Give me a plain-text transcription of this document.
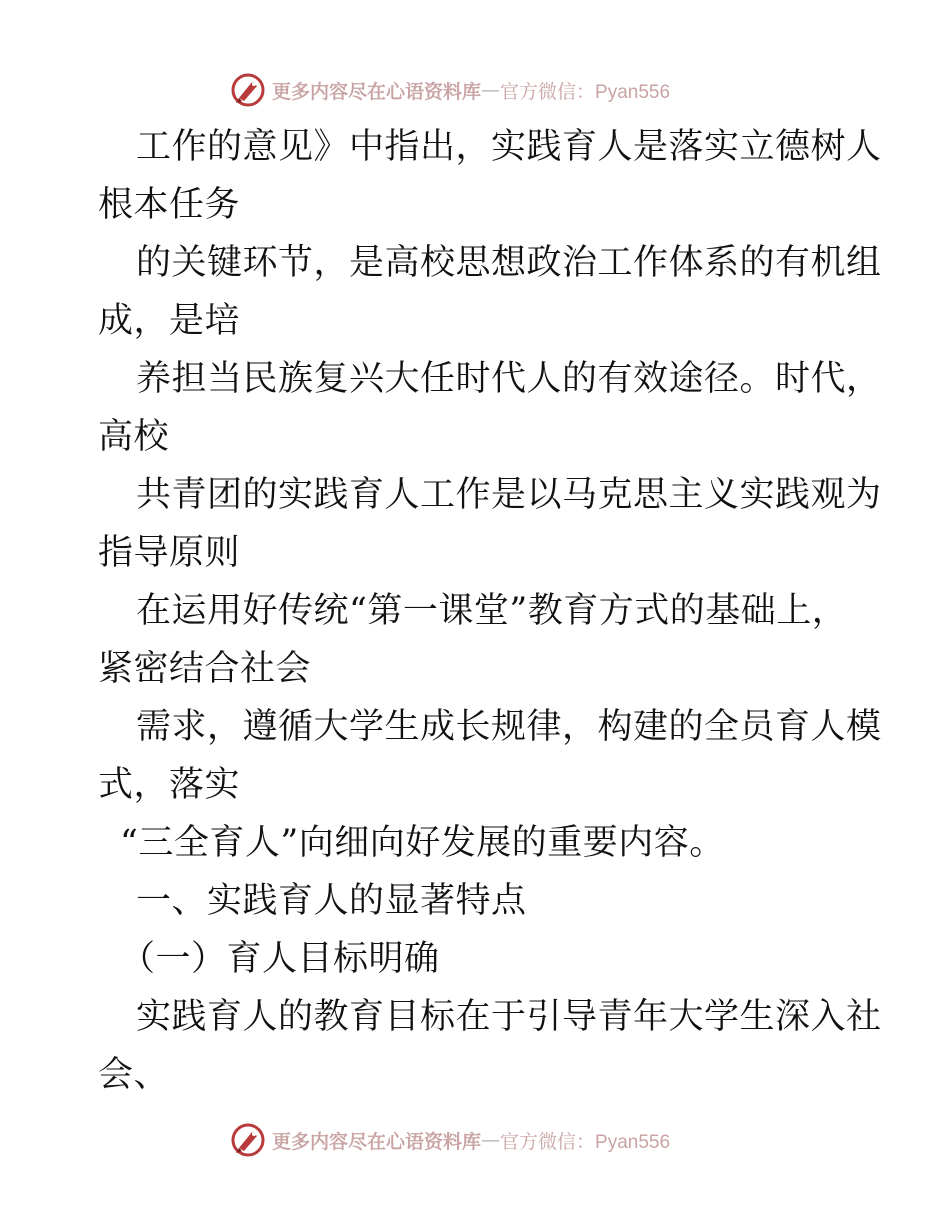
更多内容尽在心语资料库 — 官方微信：Pyan556
工作的意见》中指出，实践育人是落实立德树人
根本任务
的关键环节，是高校思想政治工作体系的有机组
成，是培
养担当民族复兴大任时代人的有效途径。时代，
高校
共青团的实践育人工作是以马克思主义实践观为
指导原则
在运用好传统“第一课堂”教育方式的基础上，
紧密结合社会
需求，遵循大学生成长规律，构建的全员育人模
式，落实
“三全育人”向细向好发展的重要内容。
一、实践育人的显著特点
（一）育人目标明确
实践育人的教育目标在于引导青年大学生深入社
会、
更多内容尽在心语资料库 — 官方微信：Pyan556
